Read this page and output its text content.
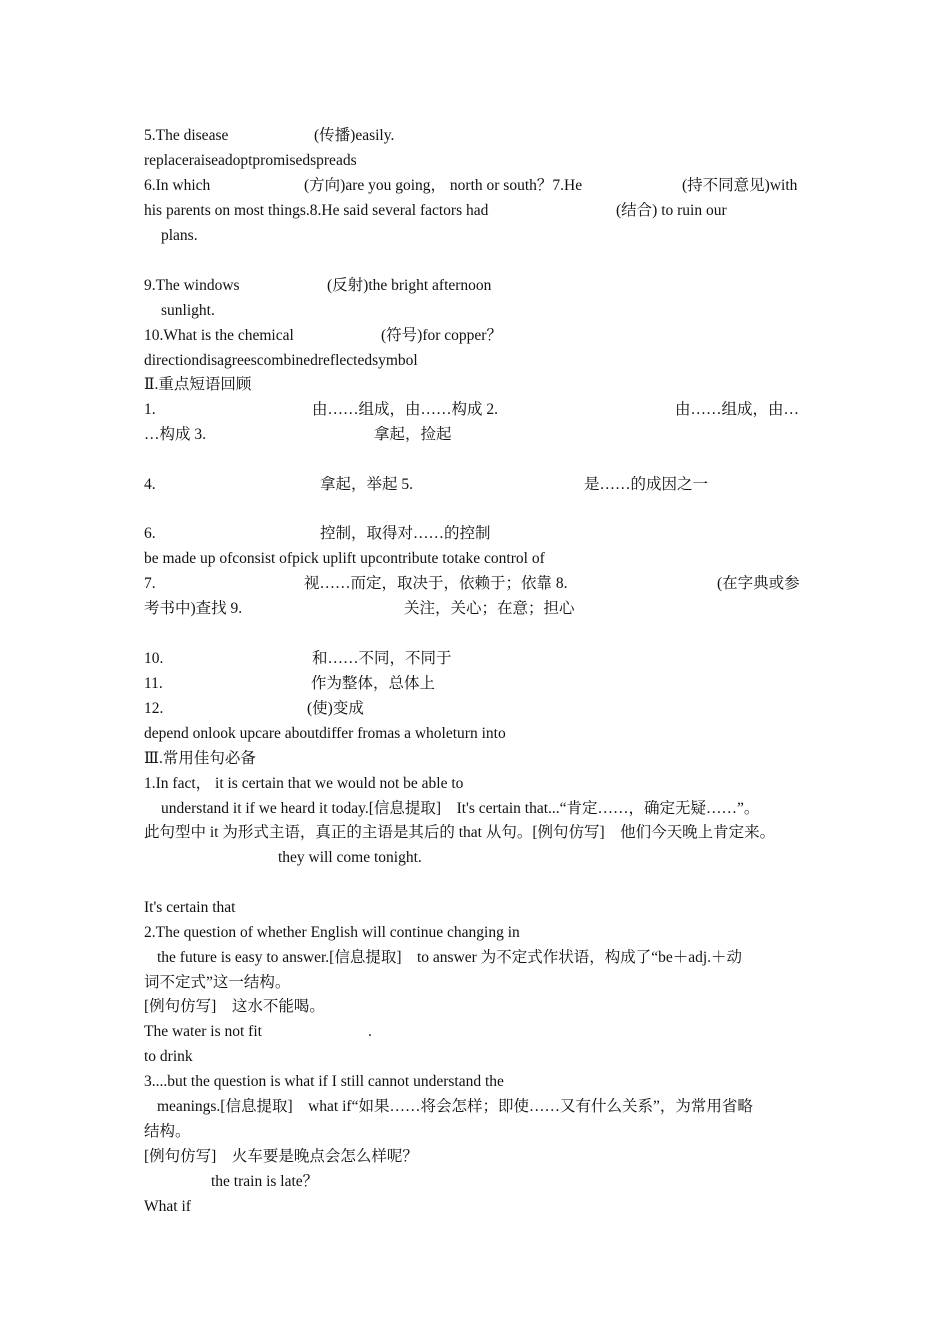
5.The disease	(传播)easily.
replaceraiseadoptpromisedspreads
6.In which	(方向)are you going， north or south？7.He	(持不同意见)with
his parents on most things.8.He said several factors had	(结合) to ruin our
plans.
9.The windows	(反射)the bright afternoon
sunlight.
10.What is the chemical	(符号)for copper？
directiondisagreescombinedreflectedsymbol
Ⅱ.重点短语回顾
1.	由……组成，由……构成 2.	由……组成，由…
…构成 3.	拿起，捡起
4.	拿起，举起 5.	是……的成因之一
6.	控制，取得对……的控制
be made up ofconsist ofpick uplift upcontribute totake control of
7.	视……而定，取决于，依赖于；依靠 8.	(在字典或参
考书中)查找 9.	关注，关心；在意；担心
10.	和……不同，不同于
11.	作为整体，总体上
12.	(使)变成
depend onlook upcare aboutdiffer fromas a wholeturn into
Ⅲ.常用佳句必备
1.In fact， it is certain that we would not be able to
understand it if we heard it today.[信息提取]　It's certain that...“肯定……，确定无疑……”。
此句型中 it 为形式主语，真正的主语是其后的 that 从句。[例句仿写]　他们今天晚上肯定来。
they will come tonight.
It's certain that
2.The question of whether English will continue changing in
the future is easy to answer.[信息提取]　to answer 为不定式作状语，构成了“be＋adj.＋动
词不定式”这一结构。
[例句仿写]　这水不能喝。
The water is not fit	.
to drink
3....but the question is what if I still cannot understand the
meanings.[信息提取]　what if“如果……将会怎样；即使……又有什么关系”，为常用省略
结构。
[例句仿写]　火车要是晚点会怎么样呢？
the train is late？
What if
